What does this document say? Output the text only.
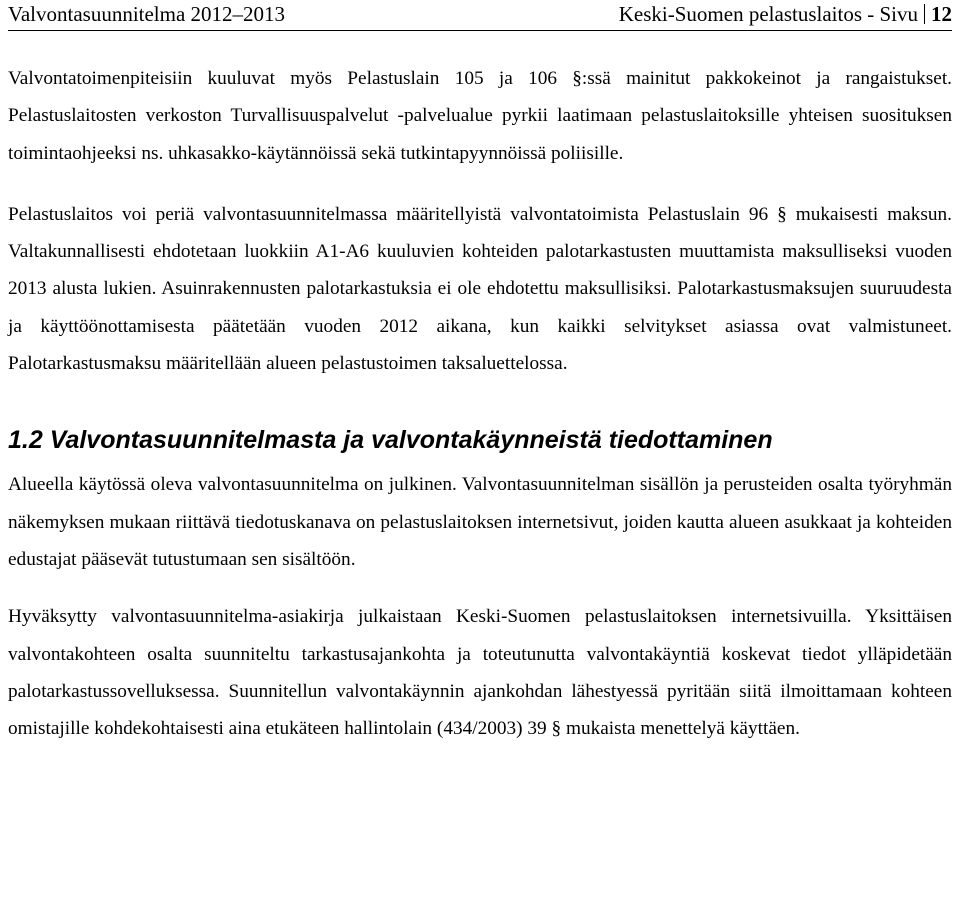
Valvontasuunnitelma 2012–2013	Keski-Suomen pelastuslaitos - Sivu 12

Valvontatoimenpiteisiin kuuluvat myös Pelastuslain 105 ja 106 §:ssä mainitut pakkokeinot ja rangaistukset. Pelastuslaitosten verkoston Turvallisuuspalvelut -palvelualue pyrkii laatimaan pelastuslaitoksille yhteisen suosituksen toimintaohjeeksi ns. uhkasakko-käytännöissä sekä tutkintapyynnöissä poliisille.

Pelastuslaitos voi periä valvontasuunnitelmassa määritellyistä valvontatoimista Pelastuslain 96 § mukaisesti maksun. Valtakunnallisesti ehdotetaan luokkiin A1-A6 kuuluvien kohteiden palotarkastusten muuttamista maksulliseksi vuoden 2013 alusta lukien. Asuinrakennusten palotarkastuksia ei ole ehdotettu maksullisiksi. Palotarkastusmaksujen suuruudesta ja käyttöönottamisesta päätetään vuoden 2012 aikana, kun kaikki selvitykset asiassa ovat valmistuneet. Palotarkastusmaksu määritellään alueen pelastustoimen taksaluettelossa.

1.2 Valvontasuunnitelmasta ja valvontakäynneistä tiedottaminen

Alueella käytössä oleva valvontasuunnitelma on julkinen. Valvontasuunnitelman sisällön ja perusteiden osalta työryhmän näkemyksen mukaan riittävä tiedotuskanava on pelastuslaitoksen internetsivut, joiden kautta alueen asukkaat ja kohteiden edustajat pääsevät tutustumaan sen sisältöön.

Hyväksytty valvontasuunnitelma-asiakirja julkaistaan Keski-Suomen pelastuslaitoksen internetsivuilla. Yksittäisen valvontakohteen osalta suunniteltu tarkastusajankohta ja toteutunutta valvontakäyntiä koskevat tiedot ylläpidetään palotarkastussovelluksessa. Suunnitellun valvontakäynnin ajankohdan lähestyessä pyritään siitä ilmoittamaan kohteen omistajille kohdekohtaisesti aina etukäteen hallintolain (434/2003) 39 § mukaista menettelyä käyttäen.
